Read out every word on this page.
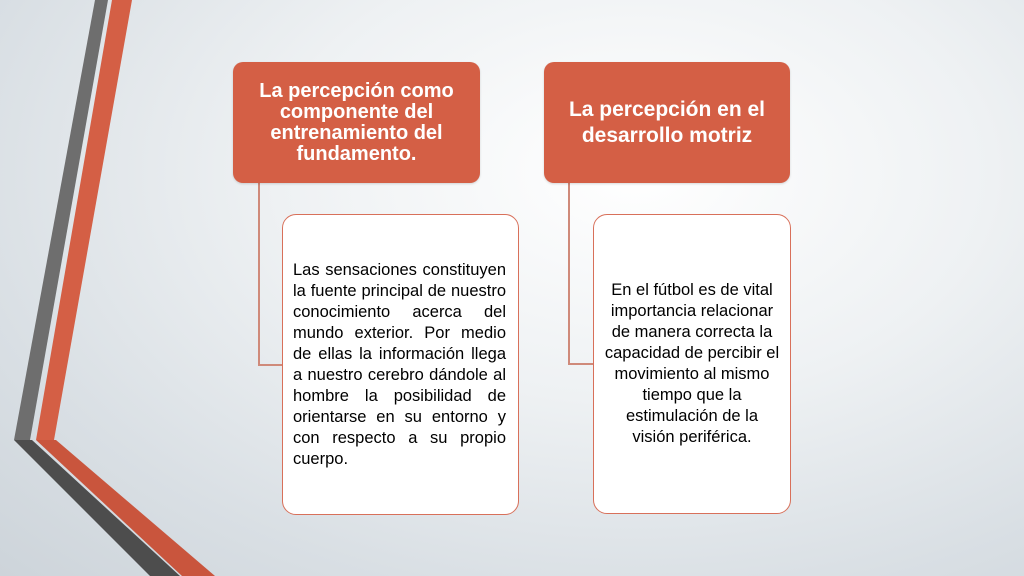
La percepción como componente del entrenamiento del fundamento.
La percepción en el desarrollo motriz
Las sensaciones constituyen la fuente principal de nuestro conocimiento acerca del mundo exterior. Por medio de ellas la información llega a nuestro cerebro dándole al hombre la posibilidad de orientarse en su entorno y con respecto a su propio cuerpo.
En el fútbol es de vital importancia relacionar de manera correcta la capacidad de percibir el movimiento al mismo tiempo que la estimulación de la visión periférica.
